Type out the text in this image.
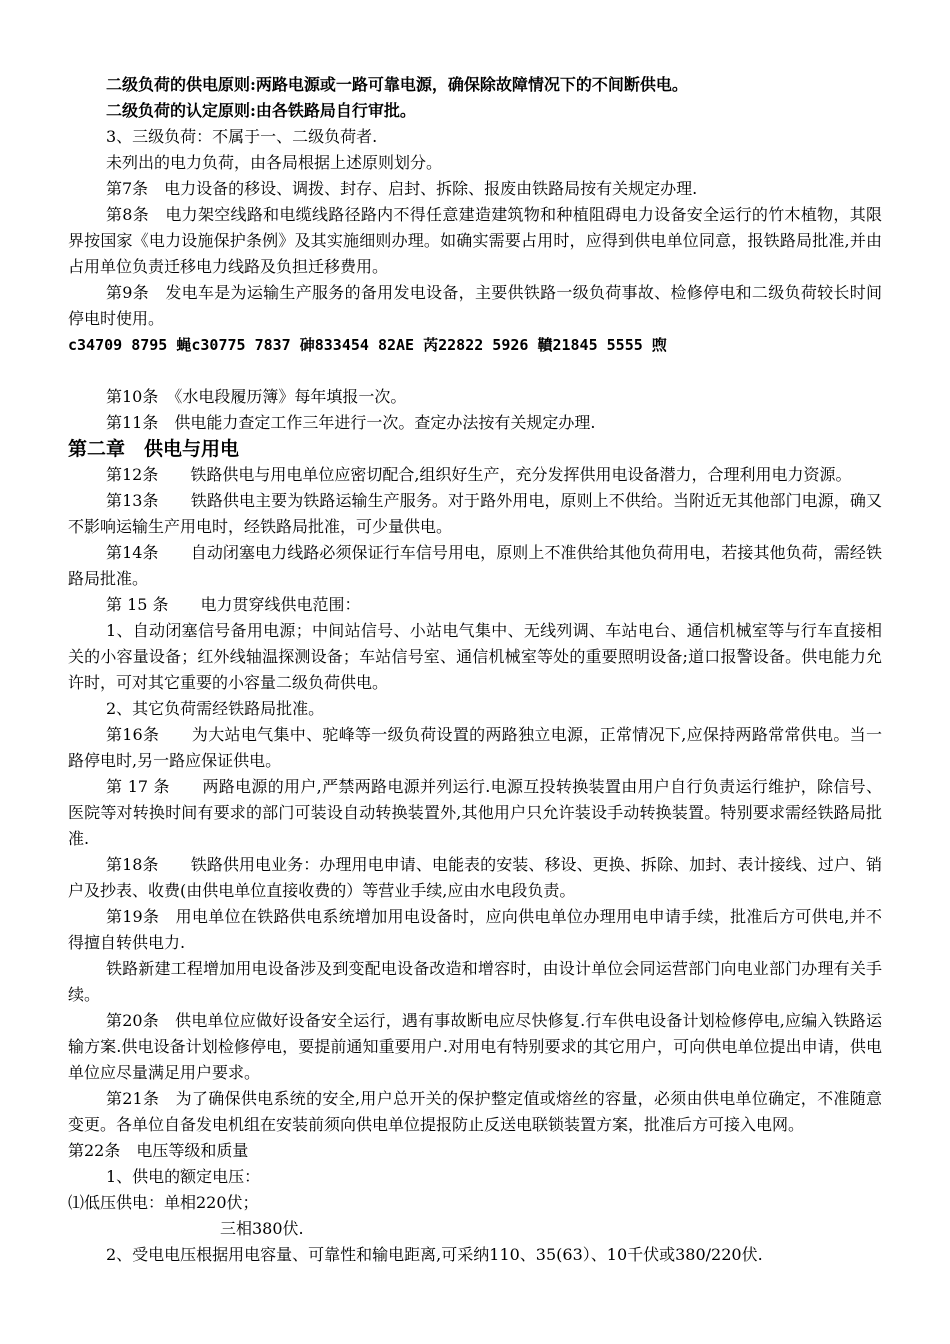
二级负荷的供电原则:两路电源或一路可靠电源，确保除故障情况下的不间断供电。

二级负荷的认定原则:由各铁路局自行审批。

3、三级负荷：不属于一、二级负荷者.

未列出的电力负荷，由各局根据上述原则划分。

第7条　电力设备的移设、调拨、封存、启封、拆除、报废由铁路局按有关规定办理.

第8条　电力架空线路和电缆线路径路内不得任意建造建筑物和种植阻碍电力设备安全运行的竹木植物，其限界按国家《电力设施保护条例》及其实施细则办理。如确实需要占用时，应得到供电单位同意，报铁路局批准,并由占用单位负责迁移电力线路及负担迁移费用。

第9条　发电车是为运输生产服务的备用发电设备，主要供铁路一级负荷事故、检修停电和二级负荷较长时间停电时使用。

c34709 8795 蝇c30775 7837 砷833454 82AE 芮22822 5926 䩿21845 5555 喣

第10条　《水电段履历簿》每年填报一次。

第11条　供电能力查定工作三年进行一次。查定办法按有关规定办理.

第二章　供电与用电

第12条　　铁路供电与用电单位应密切配合,组织好生产，充分发挥供用电设备潜力，合理利用电力资源。

第13条　　铁路供电主要为铁路运输生产服务。对于路外用电，原则上不供给。当附近无其他部门电源，确又不影响运输生产用电时，经铁路局批准，可少量供电。

第14条　　自动闭塞电力线路必须保证行车信号用电，原则上不准供给其他负荷用电，若接其他负荷，需经铁路局批准。

第 15 条　　电力贯穿线供电范围：

1、自动闭塞信号备用电源；中间站信号、小站电气集中、无线列调、车站电台、通信机械室等与行车直接相关的小容量设备；红外线轴温探测设备；车站信号室、通信机械室等处的重要照明设备;道口报警设备。供电能力允许时，可对其它重要的小容量二级负荷供电。

2、其它负荷需经铁路局批准。

第16条　　为大站电气集中、驼峰等一级负荷设置的两路独立电源，正常情况下,应保持两路常常供电。当一路停电时,另一路应保证供电。

第 17 条　　两路电源的用户,严禁两路电源并列运行.电源互投转换装置由用户自行负责运行维护，除信号、医院等对转换时间有要求的部门可装设自动转换装置外,其他用户只允许装设手动转换装置。特别要求需经铁路局批准.

第18条　　铁路供用电业务：办理用电申请、电能表的安装、移设、更换、拆除、加封、表计接线、过户、销户及抄表、收费(由供电单位直接收费的）等营业手续,应由水电段负责。

第19条　用电单位在铁路供电系统增加用电设备时，应向供电单位办理用电申请手续，批准后方可供电,并不得擅自转供电力.

铁路新建工程增加用电设备涉及到变配电设备改造和增容时，由设计单位会同运营部门向电业部门办理有关手续。

第20条　供电单位应做好设备安全运行，遇有事故断电应尽快修复.行车供电设备计划检修停电,应编入铁路运输方案.供电设备计划检修停电，要提前通知重要用户.对用电有特别要求的其它用户，可向供电单位提出申请，供电单位应尽量满足用户要求。

第21条　为了确保供电系统的安全,用户总开关的保护整定值或熔丝的容量，必须由供电单位确定，不准随意变更。各单位自备发电机组在安装前须向供电单位提报防止反送电联锁装置方案，批准后方可接入电网。

第22条　电压等级和质量

1、供电的额定电压：

⑴低压供电：单相220伏；

三相380伏.

2、受电电压根据用电容量、可靠性和输电距离,可采纳110、35(63）、10千伏或380/220伏.
